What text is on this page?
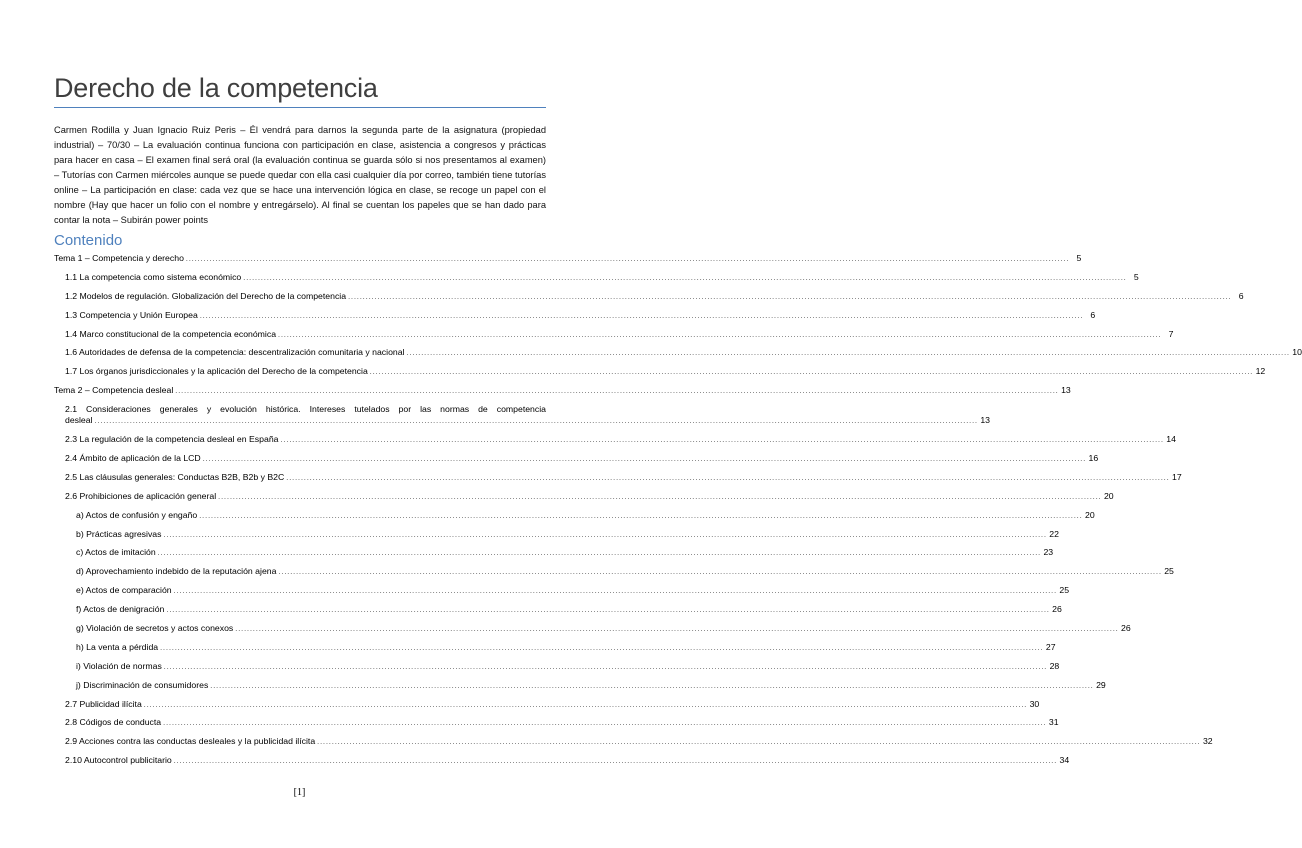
Derecho de la competencia
Carmen Rodilla y Juan Ignacio Ruiz Peris – Él vendrá para darnos la segunda parte de la asignatura (propiedad industrial) – 70/30 – La evaluación continua funciona con participación en clase, asistencia a congresos y prácticas para hacer en casa – El examen final será oral (la evaluación continua se guarda sólo si nos presentamos al examen) – Tutorías con Carmen miércoles aunque se puede quedar con ella casi cualquier día por correo, también tiene tutorías online – La participación en clase: cada vez que se hace una intervención lógica en clase, se recoge un papel con el nombre (Hay que hacer un folio con el nombre y entregárselo). Al final se cuentan los papeles que se han dado para contar la nota – Subirán power points
Contenido
Tema 1 – Competencia y derecho ............................................................................................................................................................................................................................................................................................................ 5
1.1 La competencia como sistema económico ............................................................................................................................................................................................................................................................................................................ 5
1.2 Modelos de regulación. Globalización del Derecho de la competencia ............................................................................................................................................................................................................................................................................................................ 6
1.3 Competencia y Unión Europea ............................................................................................................................................................................................................................................................................................................ 6
1.4 Marco constitucional de la competencia económica ............................................................................................................................................................................................................................................................................................................ 7
1.6 Autoridades de defensa de la competencia: descentralización comunitaria y nacional ............................................................................................................................................................................................................................................................................................................ 10
1.7 Los órganos jurisdiccionales y la aplicación del Derecho de la competencia ............................................................................................................................................................................................................................................................................................................ 12
Tema 2 – Competencia desleal ............................................................................................................................................................................................................................................................................................................ 13
2.1 Consideraciones generales y evolución histórica. Intereses tutelados por las normas de competencia
desleal ............................................................................................................................................................................................................................................................................................................ 13
2.3 La regulación de la competencia desleal en España ............................................................................................................................................................................................................................................................................................................ 14
2.4 Ámbito de aplicación de la LCD ............................................................................................................................................................................................................................................................................................................ 16
2.5 Las cláusulas generales: Conductas B2B, B2b y B2C ............................................................................................................................................................................................................................................................................................................ 17
2.6 Prohibiciones de aplicación general ............................................................................................................................................................................................................................................................................................................ 20
a) Actos de confusión y engaño ............................................................................................................................................................................................................................................................................................................ 20
b) Prácticas agresivas ............................................................................................................................................................................................................................................................................................................ 22
c) Actos de imitación ............................................................................................................................................................................................................................................................................................................ 23
d) Aprovechamiento indebido de la reputación ajena ............................................................................................................................................................................................................................................................................................................ 25
e) Actos de comparación ............................................................................................................................................................................................................................................................................................................ 25
f) Actos de denigración ............................................................................................................................................................................................................................................................................................................ 26
g) Violación de secretos y actos conexos ............................................................................................................................................................................................................................................................................................................ 26
h) La venta a pérdida ............................................................................................................................................................................................................................................................................................................ 27
i) Violación de normas ............................................................................................................................................................................................................................................................................................................ 28
j) Discriminación de consumidores ............................................................................................................................................................................................................................................................................................................ 29
2.7 Publicidad ilícita ............................................................................................................................................................................................................................................................................................................ 30
2.8 Códigos de conducta ............................................................................................................................................................................................................................................................................................................ 31
2.9 Acciones contra las conductas desleales y la publicidad ilícita ............................................................................................................................................................................................................................................................................................................ 32
2.10 Autocontrol publicitario ............................................................................................................................................................................................................................................................................................................ 34
[1]
